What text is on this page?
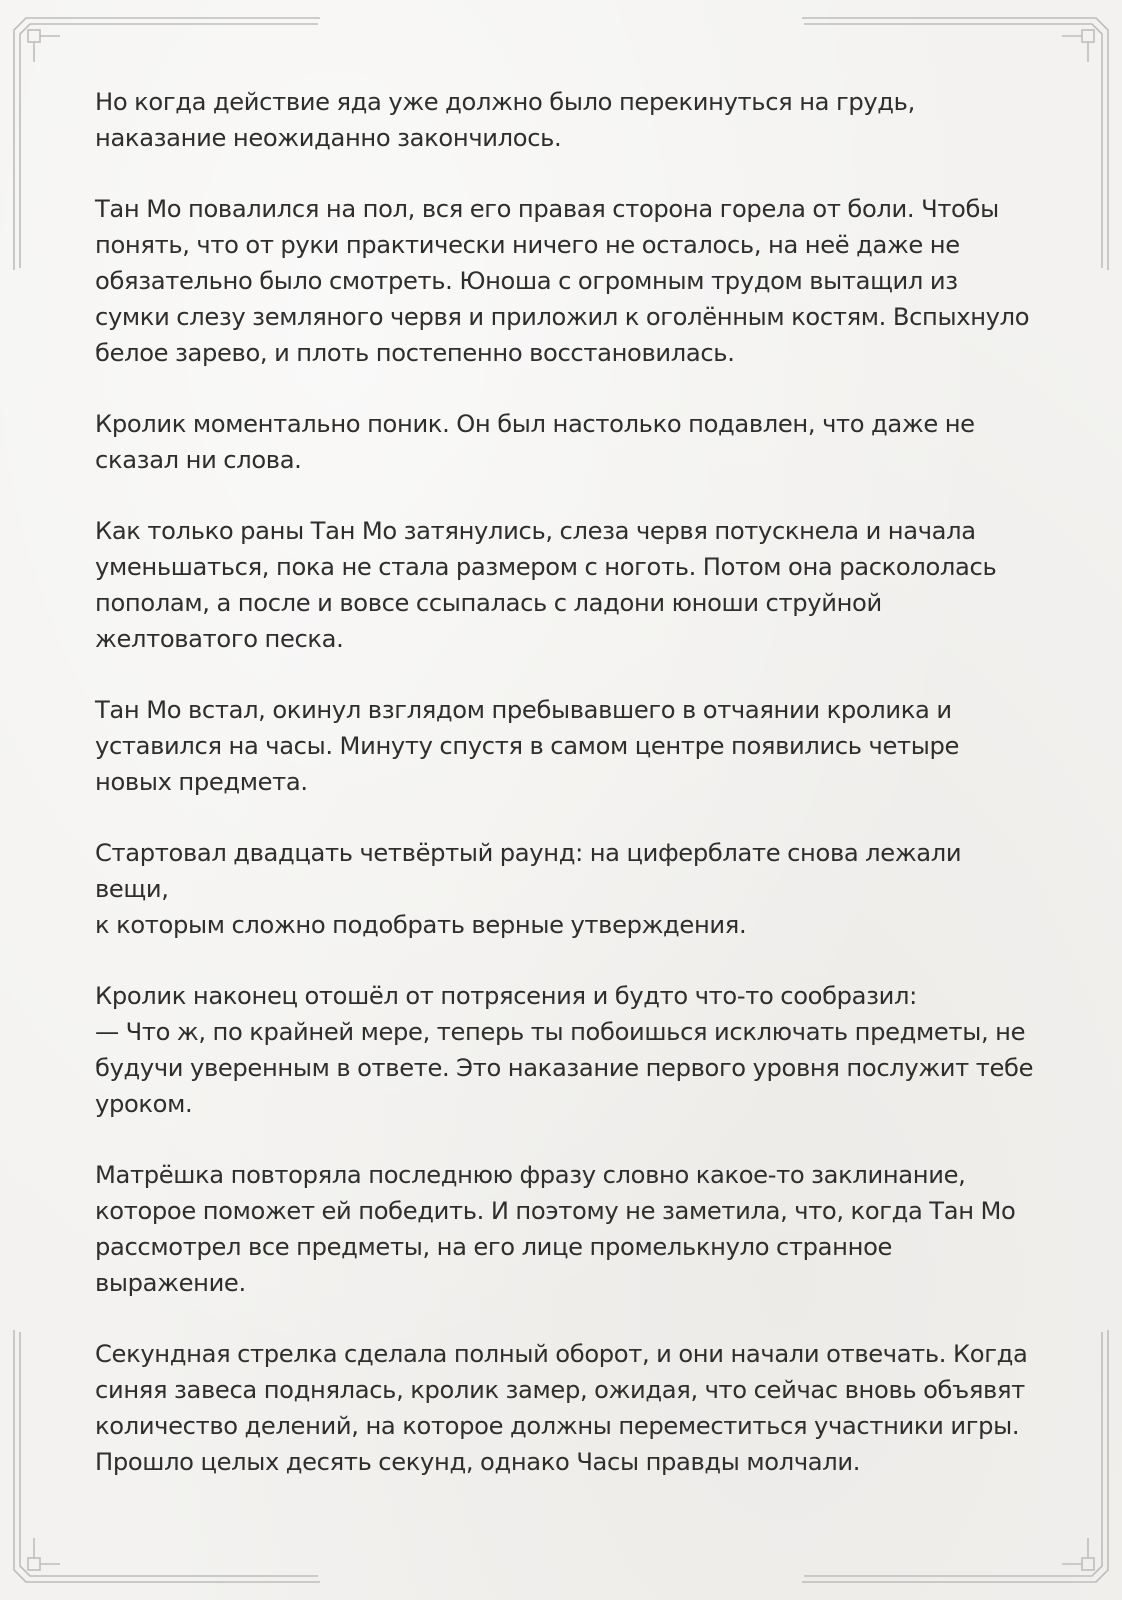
Но когда действие яда уже должно было перекинуться на грудь,
наказание неожиданно закончилось.

Тан Мо повалился на пол, вся его правая сторона горела от боли. Чтобы
понять, что от руки практически ничего не осталось, на неё даже не
обязательно было смотреть. Юноша с огромным трудом вытащил из
сумки слезу земляного червя и приложил к оголённым костям. Вспыхнуло
белое зарево, и плоть постепенно восстановилась.

Кролик моментально поник. Он был настолько подавлен, что даже не
сказал ни слова.

Как только раны Тан Мо затянулись, слеза червя потускнела и начала
уменьшаться, пока не стала размером с ноготь. Потом она раскололась
пополам, а после и вовсе ссыпалась с ладони юноши струйной
желтоватого песка.

Тан Мо встал, окинул взглядом пребывавшего в отчаянии кролика и
уставился на часы. Минуту спустя в самом центре появились четыре
новых предмета.

Стартовал двадцать четвёртый раунд: на циферблате снова лежали вещи,
к которым сложно подобрать верные утверждения.

Кролик наконец отошёл от потрясения и будто что-то сообразил:
— Что ж, по крайней мере, теперь ты побоишься исключать предметы, не
будучи уверенным в ответе. Это наказание первого уровня послужит тебе
уроком.

Матрёшка повторяла последнюю фразу словно какое-то заклинание,
которое поможет ей победить. И поэтому не заметила, что, когда Тан Мо
рассмотрел все предметы, на его лице промелькнуло странное
выражение.

Секундная стрелка сделала полный оборот, и они начали отвечать. Когда
синяя завеса поднялась, кролик замер, ожидая, что сейчас вновь объявят
количество делений, на которое должны переместиться участники игры.
Прошло целых десять секунд, однако Часы правды молчали.
